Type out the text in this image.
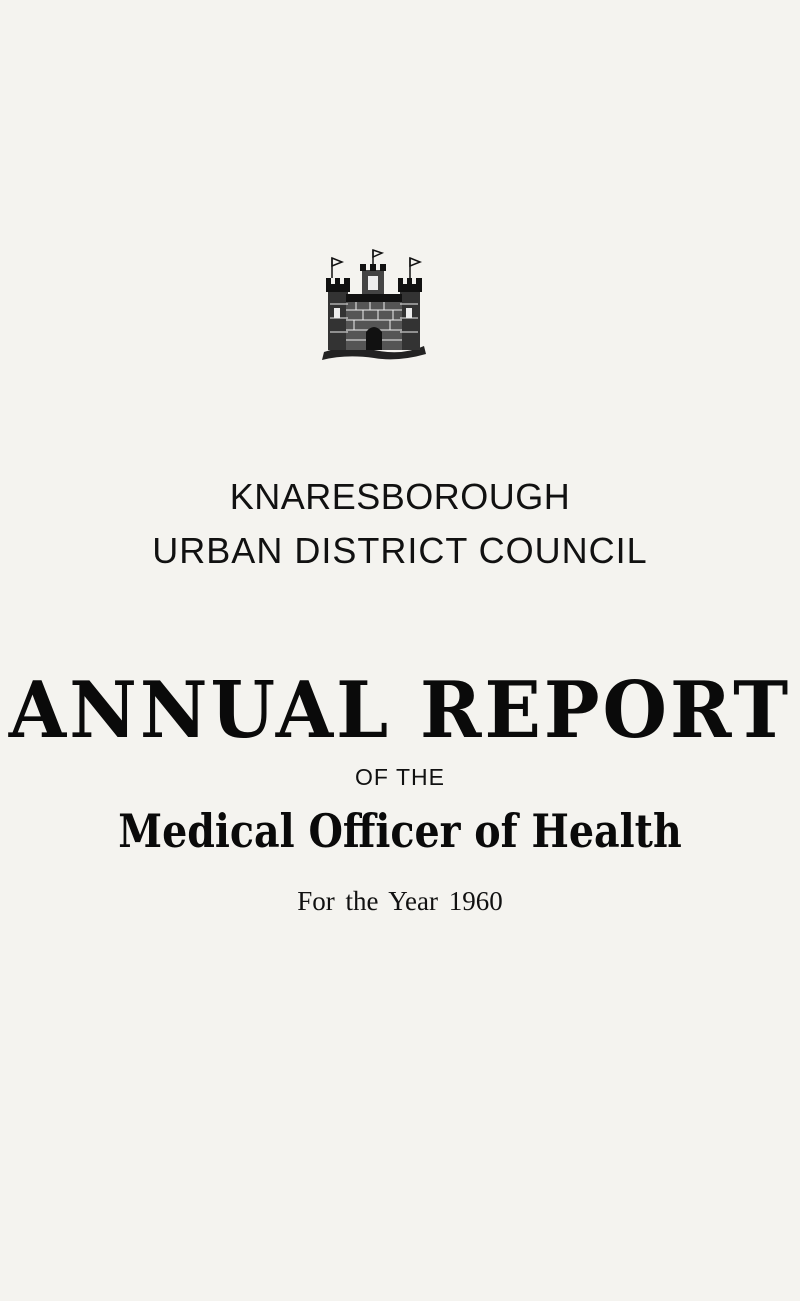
KNARESBOROUGH
URBAN DISTRICT COUNCIL
ANNUAL REPORT
OF THE
Medical Officer of Health
For the Year 1960
